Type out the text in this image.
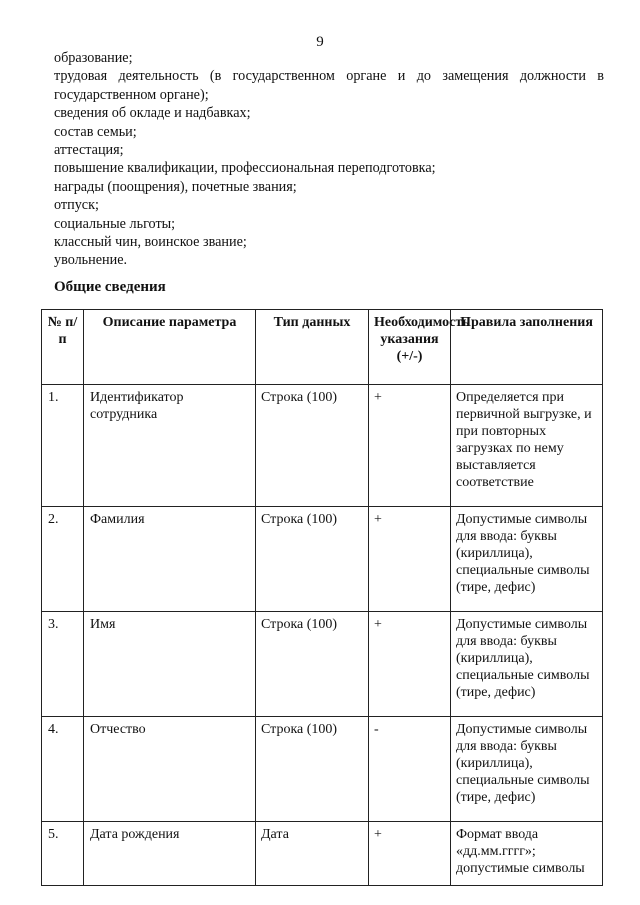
9
образование;
трудовая деятельность (в государственном органе и до замещения должности в государственном органе);
сведения об окладе и надбавках;
состав семьи;
аттестация;
повышение квалификации, профессиональная переподготовка;
награды (поощрения), почетные звания;
отпуск;
социальные льготы;
классный чин, воинское звание;
увольнение.
Общие сведения
№ п/п	Описание параметра	Тип данных	Необходимость указания (+/-)	Правила заполнения
1.	Идентификатор сотрудника	Строка (100)	+	Определяется при первичной выгрузке, и при повторных загрузках по нему выставляется соответствие
2.	Фамилия	Строка (100)	+	Допустимые символы для ввода: буквы (кириллица), специальные символы (тире, дефис)
3.	Имя	Строка (100)	+	Допустимые символы для ввода: буквы (кириллица), специальные символы (тире, дефис)
4.	Отчество	Строка (100)	-	Допустимые символы для ввода: буквы (кириллица), специальные символы (тире, дефис)
5.	Дата рождения	Дата	+	Формат ввода «дд.мм.гггг»; допустимые символы
